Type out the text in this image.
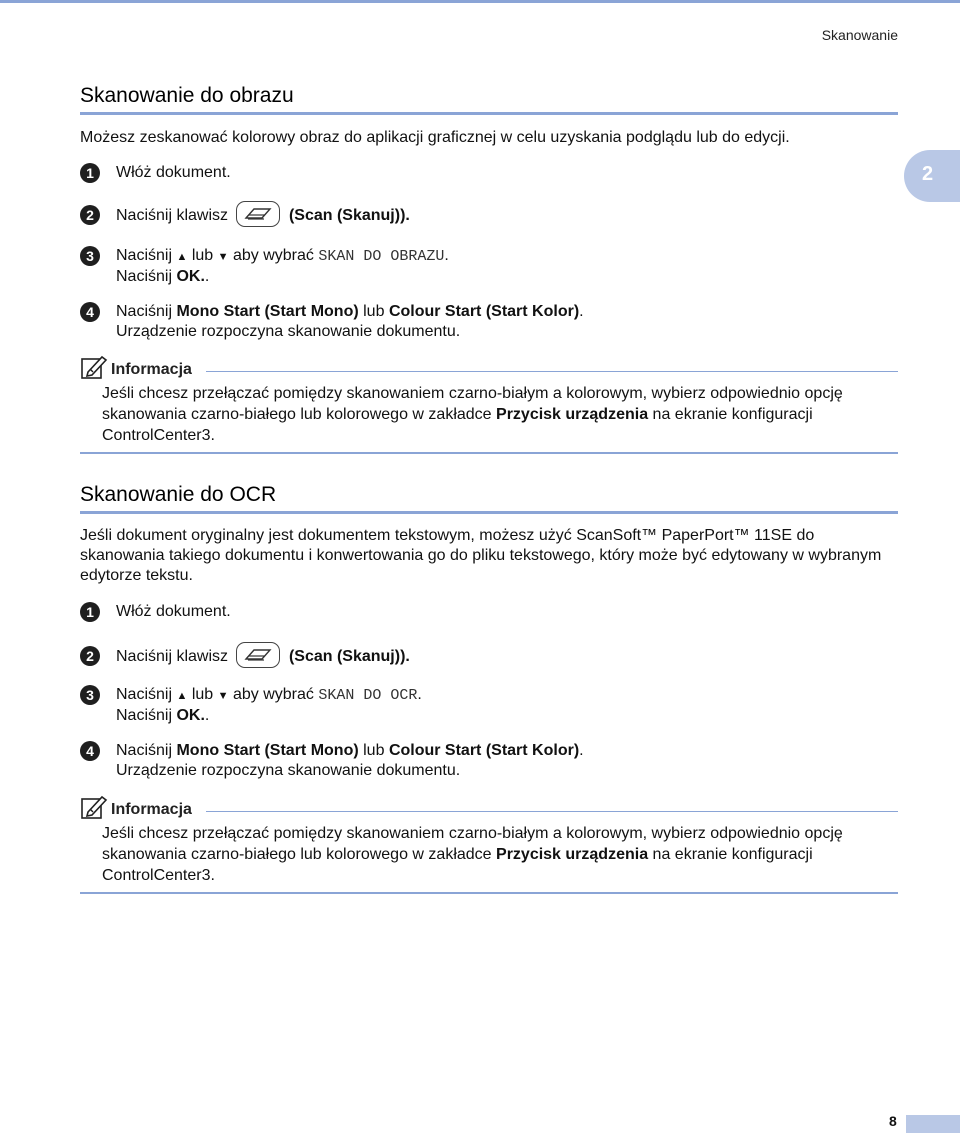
Skanowanie
2
Skanowanie do obrazu
Możesz zeskanować kolorowy obraz do aplikacji graficznej w celu uzyskania podglądu lub do edycji.
1	Włóż dokument.
2	Naciśnij klawisz	(Scan (Skanuj)).
3	Naciśnij ▲ lub ▼ aby wybrać SKAN DO OBRAZU.
Naciśnij OK..
4	Naciśnij Mono Start (Start Mono) lub Colour Start (Start Kolor).
Urządzenie rozpoczyna skanowanie dokumentu.
Informacja
Jeśli chcesz przełączać pomiędzy skanowaniem czarno-białym a kolorowym, wybierz odpowiednio opcję
skanowania czarno-białego lub kolorowego w zakładce Przycisk urządzenia na ekranie konfiguracji
ControlCenter3.
Skanowanie do OCR
Jeśli dokument oryginalny jest dokumentem tekstowym, możesz użyć ScanSoft™ PaperPort™ 11SE do skanowania takiego dokumentu i konwertowania go do pliku tekstowego, który może być edytowany w wybranym edytorze tekstu.
1	Włóż dokument.
2	Naciśnij klawisz	(Scan (Skanuj)).
3	Naciśnij ▲ lub ▼ aby wybrać SKAN DO OCR.
Naciśnij OK..
4	Naciśnij Mono Start (Start Mono) lub Colour Start (Start Kolor).
Urządzenie rozpoczyna skanowanie dokumentu.
Informacja
Jeśli chcesz przełączać pomiędzy skanowaniem czarno-białym a kolorowym, wybierz odpowiednio opcję
skanowania czarno-białego lub kolorowego w zakładce Przycisk urządzenia na ekranie konfiguracji
ControlCenter3.
8
